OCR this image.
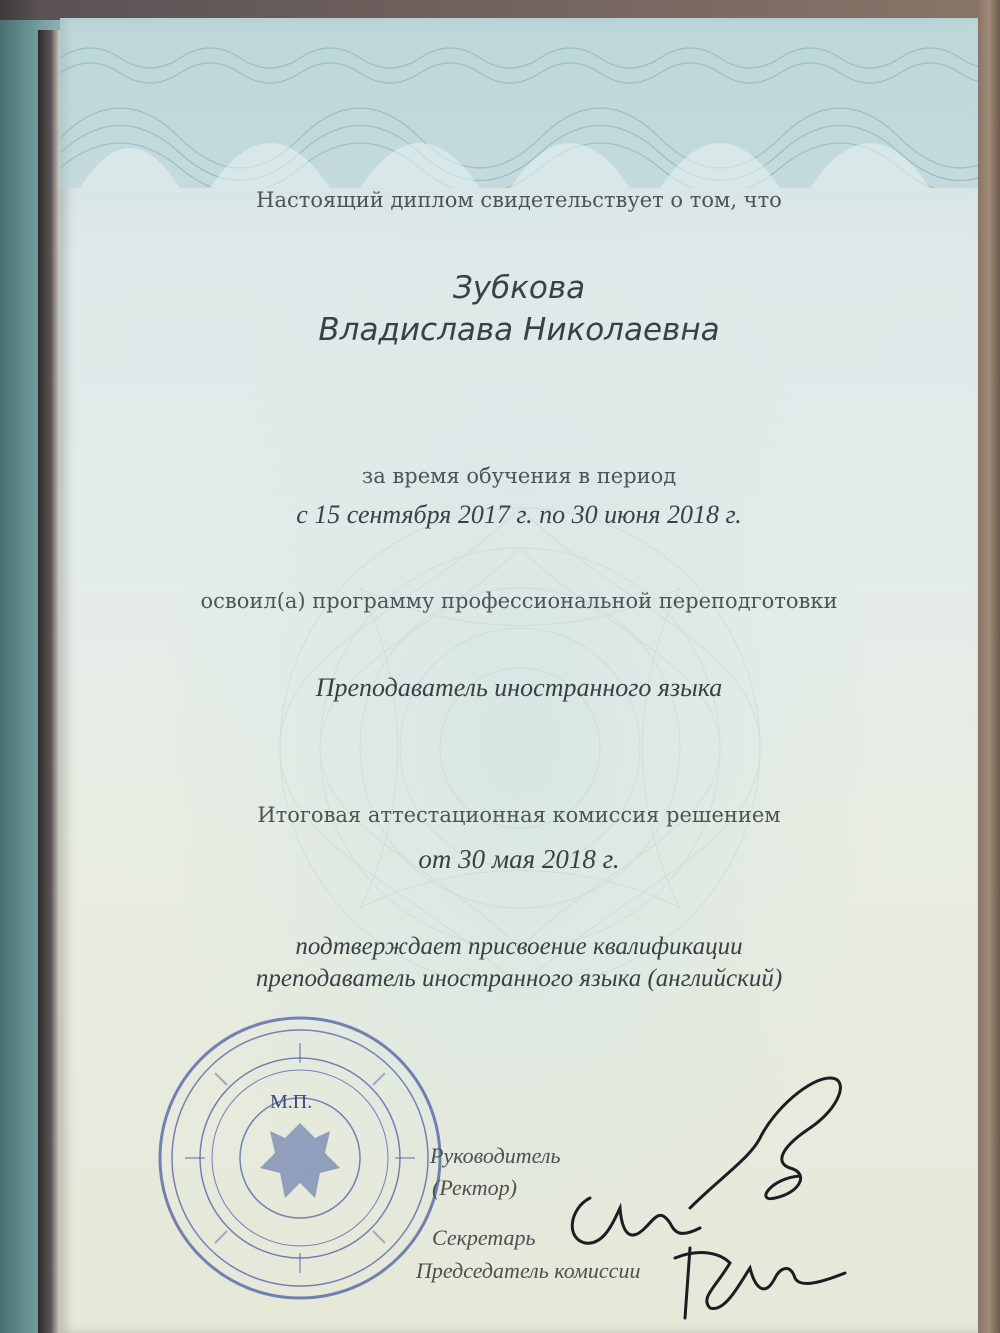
Настоящий диплом свидетельствует о том, что
Зубкова
Владислава Николаевна
за время обучения в период
с 15 сентября 2017 г. по 30 июня 2018 г.
освоил(а) программу профессиональной переподготовки
Преподаватель иностранного языка
Итоговая аттестационная комиссия решением
от 30 мая 2018 г.
подтверждает присвоение квалификации
преподаватель иностранного языка (английский)
М.П.
Руководитель
(Ректор)
Секретарь
Председатель комиссии
